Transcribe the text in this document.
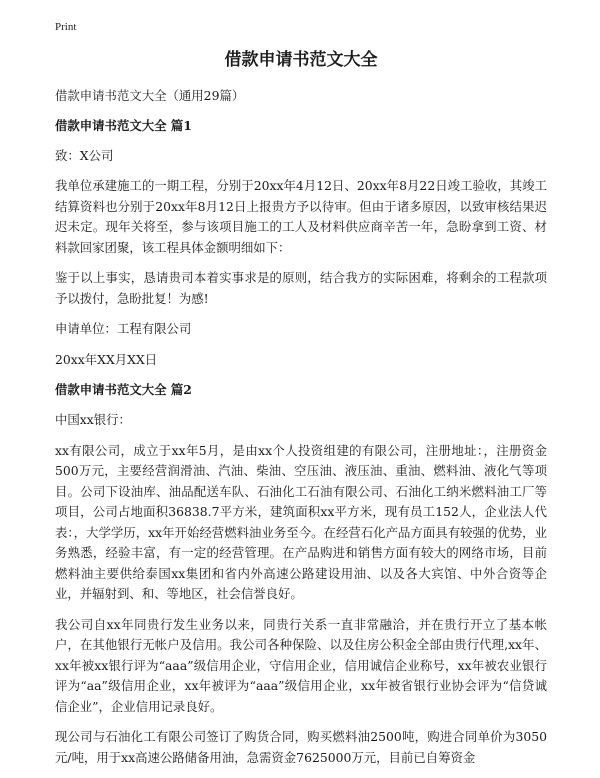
Print
借款申请书范文大全

借款申请书范文大全（通用29篇）

借款申请书范文大全 篇1

致：X公司

我单位承建施工的一期工程，分别于20xx年4月12日、20xx年8月22日竣工验收，其竣工结算资料也分别于20xx年8月12日上报贵方予以待审。但由于诸多原因，以致审核结果迟迟未定。现年关将至，参与该项目施工的工人及材料供应商辛苦一年，急盼拿到工资、材料款回家团聚，该工程具体金额明细如下：

鉴于以上事实，恳请贵司本着实事求是的原则，结合我方的实际困难，将剩余的工程款项予以拨付，急盼批复！为感!

申请单位：工程有限公司

20xx年XX月XX日

借款申请书范文大全 篇2

中国xx银行：

xx有限公司，成立于xx年5月，是由xx个人投资组建的有限公司，注册地址：，注册资金500万元，主要经营润滑油、汽油、柴油、空压油、液压油、重油、燃料油、液化气等项目。公司下设油库、油品配送车队、石油化工石油有限公司、石油化工纳米燃料油工厂等项目，公司占地面积36838.7平方米，建筑面积xx平方米，现有员工152人，企业法人代表：，大学学历，xx年开始经营燃料油业务至今。在经营石化产品方面具有较强的优势，业务熟悉，经验丰富，有一定的经营管理。在产品购进和销售方面有较大的网络市场，目前燃料油主要供给泰国xx集团和省内外高速公路建设用油、以及各大宾馆、中外合资等企业，并辐射到、和、等地区，社会信誉良好。

我公司自xx年同贵行发生业务以来，同贵行关系一直非常融洽，并在贵行开立了基本帐户，在其他银行无帐户及信用。我公司各种保险、以及住房公积金全部由贵行代理,xx年、xx年被xx银行评为“aaa”级信用企业，守信用企业，信用诚信企业称号，xx年被农业银行评为“aa”级信用企业，xx年被评为“aaa”级信用企业，xx年被省银行业协会评为“信贷诚信企业”，企业信用记录良好。

现公司与石油化工有限公司签订了购货合同，购买燃料油2500吨，购进合同单价为3050元/吨，用于xx高速公路储备用油，急需资金7625000万元，目前已自筹资金
